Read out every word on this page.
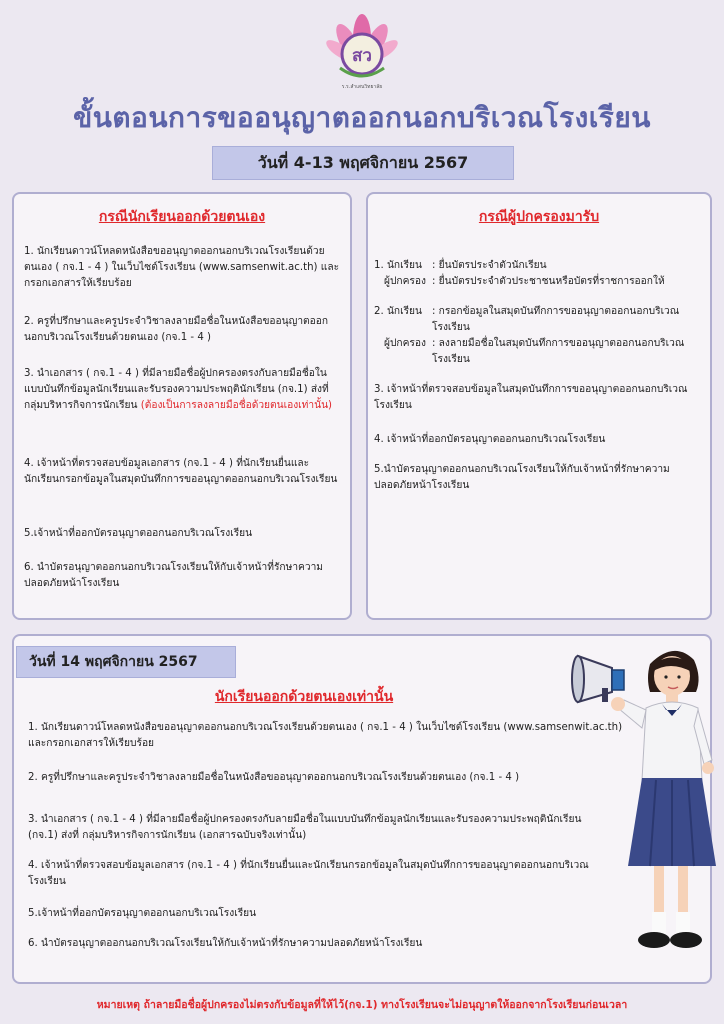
สว
ร.ร.สำเสนวิทยาลัย
ขั้นตอนการขออนุญาตออกนอกบริเวณโรงเรียน
วันที่ 4-13 พฤศจิกายน 2567
กรณีนักเรียนออกด้วยตนเอง
1. นักเรียนดาวน์โหลดหนังสือขออนุญาตออกนอกบริเวณโรงเรียนด้วยตนเอง ( กจ.1 - 4 ) ในเว็บไซต์โรงเรียน (www.samsenwit.ac.th) และกรอกเอกสารให้เรียบร้อย
2. ครูที่ปรึกษาและครูประจำวิชาลงลายมือชื่อในหนังสือขออนุญาตออกนอกบริเวณโรงเรียนด้วยตนเอง (กจ.1 - 4 )
3. นำเอกสาร ( กจ.1 - 4 ) ที่มีลายมือชื่อผู้ปกครองตรงกับลายมือชื่อในแบบบันทึกข้อมูลนักเรียนและรับรองความประพฤตินักเรียน (กจ.1) ส่งที่ กลุ่มบริหารกิจการนักเรียน (ต้องเป็นการลงลายมือชื่อด้วยตนเองเท่านั้น)
4. เจ้าหน้าที่ตรวจสอบข้อมูลเอกสาร (กจ.1 - 4 ) ที่นักเรียนยื่นและนักเรียนกรอกข้อมูลในสมุดบันทึกการขออนุญาตออกนอกบริเวณโรงเรียน
5.เจ้าหน้าที่ออกบัตรอนุญาตออกนอกบริเวณโรงเรียน
6. นำบัตรอนุญาตออกนอกบริเวณโรงเรียนให้กับเจ้าหน้าที่รักษาความปลอดภัยหน้าโรงเรียน
กรณีผู้ปกครองมารับ
1. นักเรียน : ยื่นบัตรประจำตัวนักเรียน
ผู้ปกครอง : ยื่นบัตรประจำตัวประชาชนหรือบัตรที่ราชการออกให้
2. นักเรียน : กรอกข้อมูลในสมุดบันทึกการขออนุญาตออกนอกบริเวณโรงเรียน
ผู้ปกครอง : ลงลายมือชื่อในสมุดบันทึกการขออนุญาตออกนอกบริเวณโรงเรียน
3. เจ้าหน้าที่ตรวจสอบข้อมูลในสมุดบันทึกการขออนุญาตออกนอกบริเวณโรงเรียน
4. เจ้าหน้าที่ออกบัตรอนุญาตออกนอกบริเวณโรงเรียน
5.นำบัตรอนุญาตออกนอกบริเวณโรงเรียนให้กับเจ้าหน้าที่รักษาความปลอดภัยหน้าโรงเรียน
นักเรียนออกด้วยตนเองเท่านั้น
1. นักเรียนดาวน์โหลดหนังสือขออนุญาตออกนอกบริเวณโรงเรียนด้วยตนเอง ( กจ.1 - 4 ) ในเว็บไซต์โรงเรียน (www.samsenwit.ac.th) และกรอกเอกสารให้เรียบร้อย
2. ครูที่ปรึกษาและครูประจำวิชาลงลายมือชื่อในหนังสือขออนุญาตออกนอกบริเวณโรงเรียนด้วยตนเอง (กจ.1 - 4 )
3. นำเอกสาร ( กจ.1 - 4 ) ที่มีลายมือชื่อผู้ปกครองตรงกับลายมือชื่อในแบบบันทึกข้อมูลนักเรียนและรับรองความประพฤตินักเรียน (กจ.1) ส่งที่ กลุ่มบริหารกิจการนักเรียน (เอกสารฉบับจริงเท่านั้น)
4. เจ้าหน้าที่ตรวจสอบข้อมูลเอกสาร (กจ.1 - 4 ) ที่นักเรียนยื่นและนักเรียนกรอกข้อมูลในสมุดบันทึกการขออนุญาตออกนอกบริเวณโรงเรียน
5.เจ้าหน้าที่ออกบัตรอนุญาตออกนอกบริเวณโรงเรียน
6. นำบัตรอนุญาตออกนอกบริเวณโรงเรียนให้กับเจ้าหน้าที่รักษาความปลอดภัยหน้าโรงเรียน
วันที่ 14 พฤศจิกายน 2567
หมายเหตุ ถ้าลายมือชื่อผู้ปกครองไม่ตรงกับข้อมูลที่ให้ไว้(กจ.1) ทางโรงเรียนจะไม่อนุญาตให้ออกจากโรงเรียนก่อนเวลา
